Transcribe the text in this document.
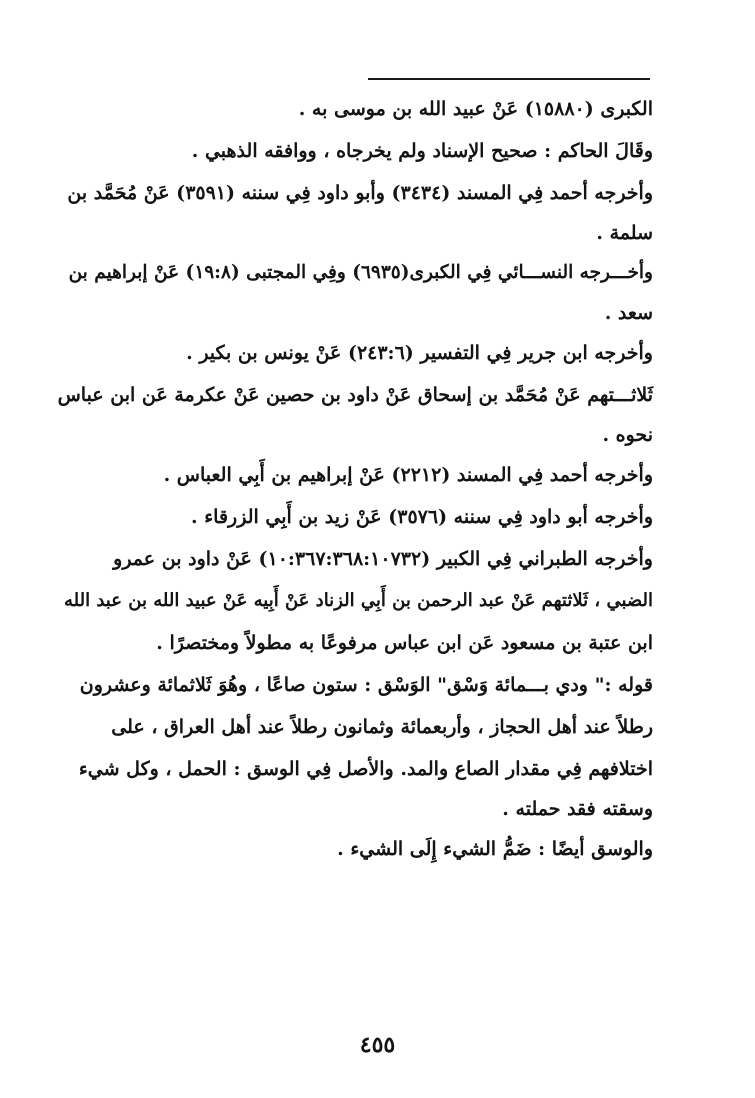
الكبرى (١٥٨٨٠) عَنْ عبيد الله بن موسى به .
وقَالَ الحاكم : صحيح الإسناد ولم يخرجاه ، ووافقه الذهبي .
وأخرجه أحمد فِي المسند (٣٤٣٤) وأبو داود فِي سننه (٣٥٩١) عَنْ مُحَمَّد بن
سلمة .
وأخـــرجه النســـائي فِي الكبرى(٦٩٣٥) وفِي المجتبى (١٩:٨) عَنْ إبراهيم بن
سعد .
وأخرجه ابن جرير فِي التفسير (٢٤٣:٦) عَنْ يونس بن بكير .
ثَلاثـــتهم عَنْ مُحَمَّد بن إسحاق عَنْ داود بن حصين عَنْ عكرمة عَن ابن عباس
نحوه .
وأخرجه أحمد فِي المسند (٢٢١٢) عَنْ إبراهيم بن أَبِي العباس .
وأخرجه أبو داود فِي سننه (٣٥٧٦) عَنْ زيد بن أَبِي الزرقاء .
وأخرجه الطبراني فِي الكبير (١٠:٣٦٧:٣٦٨:١٠٧٣٢) عَنْ داود بن عمرو
الضبي ، ثَلاثتهم عَنْ عبد الرحمن بن أَبِي الزناد عَنْ أَبِيه عَنْ عبيد الله بن عبد الله
ابن عتبة بن مسعود عَن ابن عباس مرفوعًا به مطولاً ومختصرًا .
قوله :" ودي بـــمائة وَسْق" الوَسْق : ستون صاعًا ، وهُوَ ثَلاثمائة وعشرون
رطلاً عند أهل الحجاز ، وأربعمائة وثمانون رطلاً عند أهل العراق ، على
اختلافهم فِي مقدار الصاع والمد. والأصل فِي الوسق : الحمل ، وكل شيء
وسقته فقد حملته .
والوسق أيضًا : ضَمُّ الشيء إِلَى الشيء .
٤٥٥
